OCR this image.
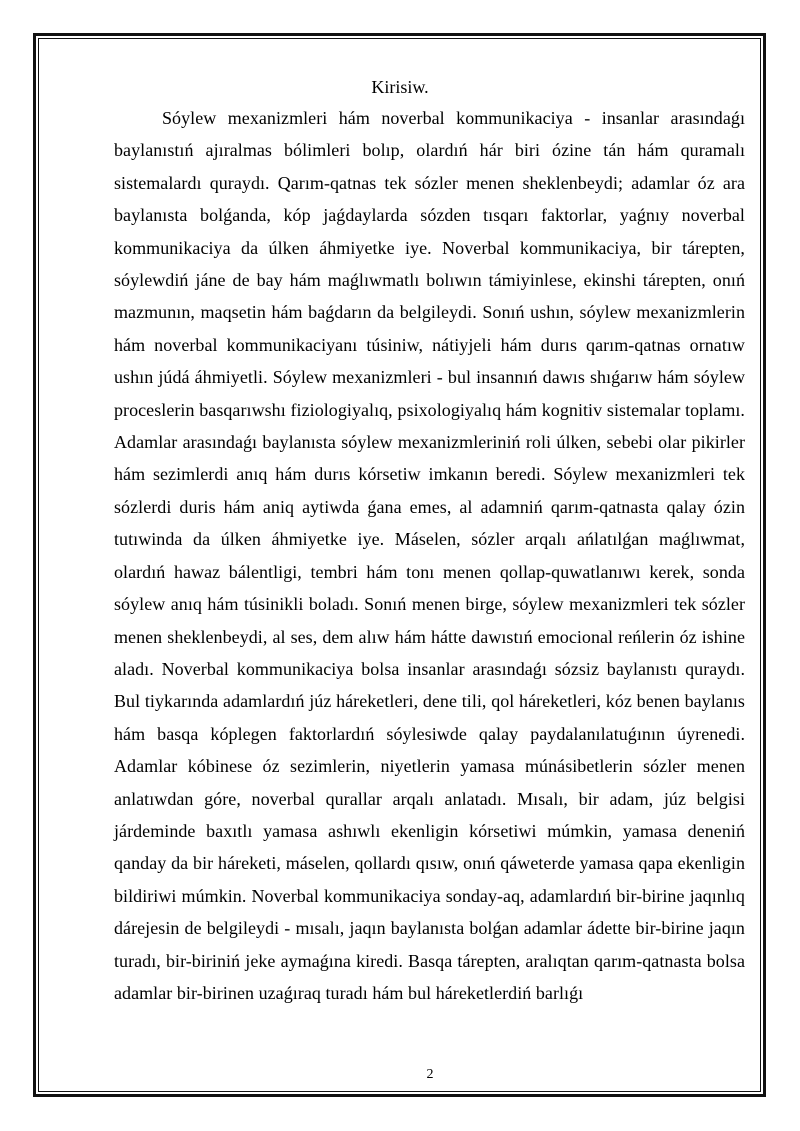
Kirisiw.

Sóylew mexanizmleri hám noverbal kommunikaciya - insanlar arasındaǵı baylanıstıń ajıralmas bólimleri bolıp, olardıń hár biri ózine tán hám quramalı sistemalardı quraydı. Qarım-qatnas tek sózler menen sheklenbeydi; adamlar óz ara baylanısta bolǵanda, kóp jaǵdaylarda sózden tısqarı faktorlar, yaǵnıy noverbal kommunikaciya da úlken áhmiyetke iye. Noverbal kommunikaciya, bir tárepten, sóylewdiń jáne de bay hám maǵlıwmatlı bolıwın támiyinlese, ekinshi tárepten, onıń mazmunın, maqsetin hám baǵdarın da belgileydi. Sonıń ushın, sóylew mexanizmlerin hám noverbal kommunikaciyanı túsiniw, nátiyjeli hám durıs qarım-qatnas ornatıw ushın júdá áhmiyetli. Sóylew mexanizmleri - bul insannıń dawıs shıǵarıw hám sóylew proceslerin basqarıwshı fiziologiyalıq, psixologiyalıq hám kognitiv sistemalar toplamı. Adamlar arasındaǵı baylanısta sóylew mexanizmleriniń roli úlken, sebebi olar pikirler hám sezimlerdi anıq hám durıs kórsetiw imkanın beredi. Sóylew mexanizmleri tek sózlerdi duris hám aniq aytiwda ǵana emes, al adamniń qarım-qatnasta qalay ózin tutıwinda da úlken áhmiyetke iye. Máselen, sózler arqalı ańlatılǵan maǵlıwmat, olardıń hawaz bálentligi, tembri hám tonı menen qollap-quwatlanıwı kerek, sonda sóylew anıq hám túsinikli boladı. Sonıń menen birge, sóylew mexanizmleri tek sózler menen sheklenbeydi, al ses, dem alıw hám hátte dawıstıń emocional reńlerin óz ishine aladı. Noverbal kommunikaciya bolsa insanlar arasındaǵı sózsiz baylanıstı quraydı. Bul tiykarında adamlardıń júz háreketleri, dene tili, qol háreketleri, kóz benen baylanıs hám basqa kóplegen faktorlardıń sóylesiwde qalay paydalanılatuǵının úyrenedi. Adamlar kóbinese óz sezimlerin, niyetlerin yamasa múnásibetlerin sózler menen anlatıwdan góre, noverbal qurallar arqalı anlatadı. Mısalı, bir adam, júz belgisi járdeminde baxıtlı yamasa ashıwlı ekenligin kórsetiwi múmkin, yamasa deneniń qanday da bir háreketi, máselen, qollardı qısıw, onıń qáweterde yamasa qapa ekenligin bildiriwi múmkin. Noverbal kommunikaciya sonday-aq, adamlardıń bir-birine jaqınlıq dárejesin de belgileydi - mısalı, jaqın baylanısta bolǵan adamlar ádette bir-birine jaqın turadı, bir-biriniń jeke aymaǵına kiredi. Basqa tárepten, aralıqtan qarım-qatnasta bolsa adamlar bir-birinen uzaǵıraq turadı hám bul háreketlerdiń barlıǵı

2
